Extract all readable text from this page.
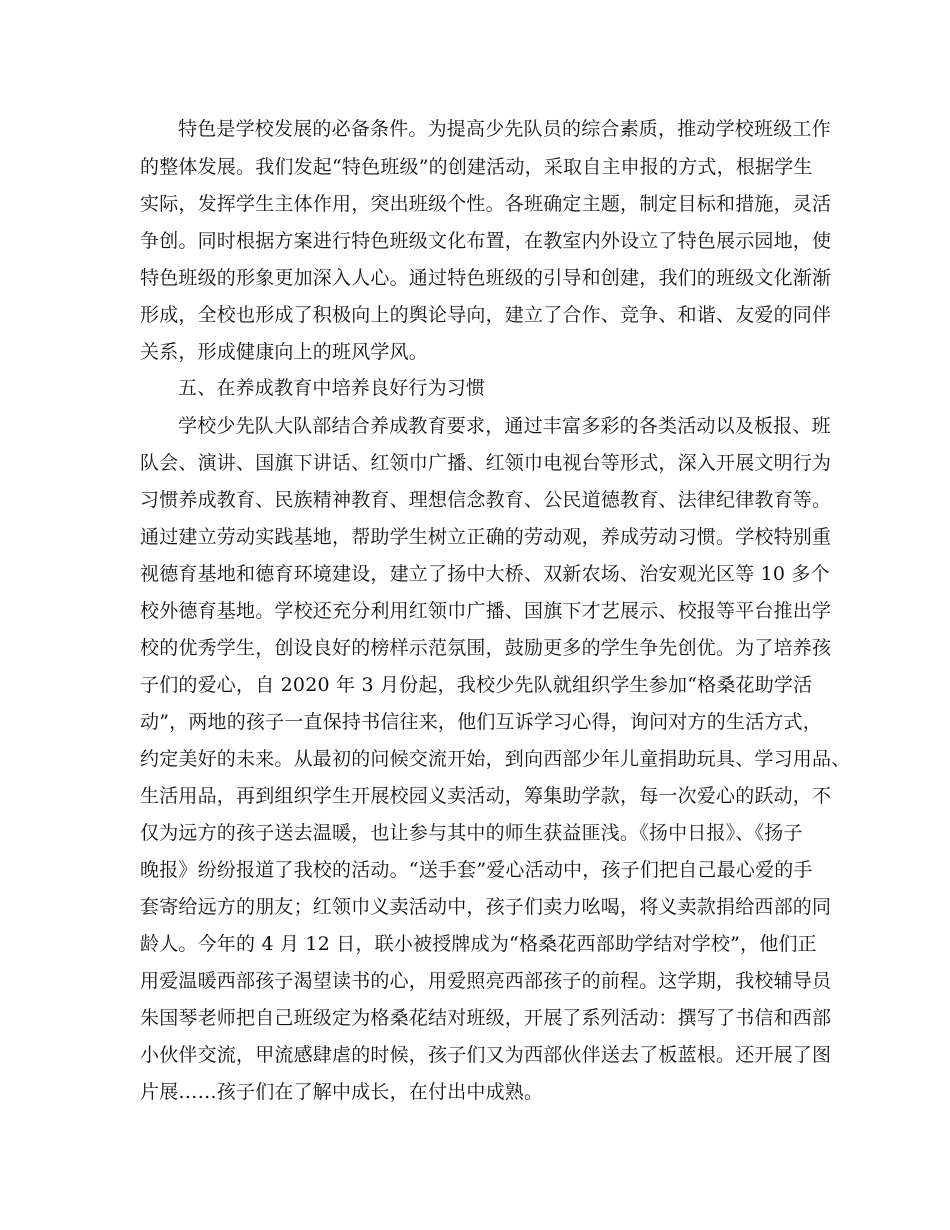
特色是学校发展的必备条件。为提高少先队员的综合素质，推动学校班级工作
的整体发展。我们发起“特色班级”的创建活动，采取自主申报的方式，根据学生
实际，发挥学生主体作用，突出班级个性。各班确定主题，制定目标和措施，灵活
争创。同时根据方案进行特色班级文化布置，在教室内外设立了特色展示园地，使
特色班级的形象更加深入人心。通过特色班级的引导和创建，我们的班级文化渐渐
形成，全校也形成了积极向上的舆论导向，建立了合作、竞争、和谐、友爱的同伴
关系，形成健康向上的班风学风。
五、在养成教育中培养良好行为习惯
学校少先队大队部结合养成教育要求，通过丰富多彩的各类活动以及板报、班
队会、演讲、国旗下讲话、红领巾广播、红领巾电视台等形式，深入开展文明行为
习惯养成教育、民族精神教育、理想信念教育、公民道德教育、法律纪律教育等。
通过建立劳动实践基地，帮助学生树立正确的劳动观，养成劳动习惯。学校特别重
视德育基地和德育环境建设，建立了扬中大桥、双新农场、治安观光区等 10 多个
校外德育基地。学校还充分利用红领巾广播、国旗下才艺展示、校报等平台推出学
校的优秀学生，创设良好的榜样示范氛围，鼓励更多的学生争先创优。为了培养孩
子们的爱心，自 2020 年 3 月份起，我校少先队就组织学生参加“格桑花助学活
动”，两地的孩子一直保持书信往来，他们互诉学习心得，询问对方的生活方式，
约定美好的未来。从最初的问候交流开始，到向西部少年儿童捐助玩具、学习用品、
生活用品，再到组织学生开展校园义卖活动，筹集助学款，每一次爱心的跃动，不
仅为远方的孩子送去温暖，也让参与其中的师生获益匪浅。《扬中日报》、《扬子
晚报》纷纷报道了我校的活动。“送手套”爱心活动中，孩子们把自己最心爱的手
套寄给远方的朋友；红领巾义卖活动中，孩子们卖力吆喝，将义卖款捐给西部的同
龄人。今年的 4 月 12 日，联小被授牌成为“格桑花西部助学结对学校”，他们正
用爱温暖西部孩子渴望读书的心，用爱照亮西部孩子的前程。这学期，我校辅导员
朱国琴老师把自己班级定为格桑花结对班级，开展了系列活动：撰写了书信和西部
小伙伴交流，甲流感肆虐的时候，孩子们又为西部伙伴送去了板蓝根。还开展了图
片展……孩子们在了解中成长，在付出中成熟。
